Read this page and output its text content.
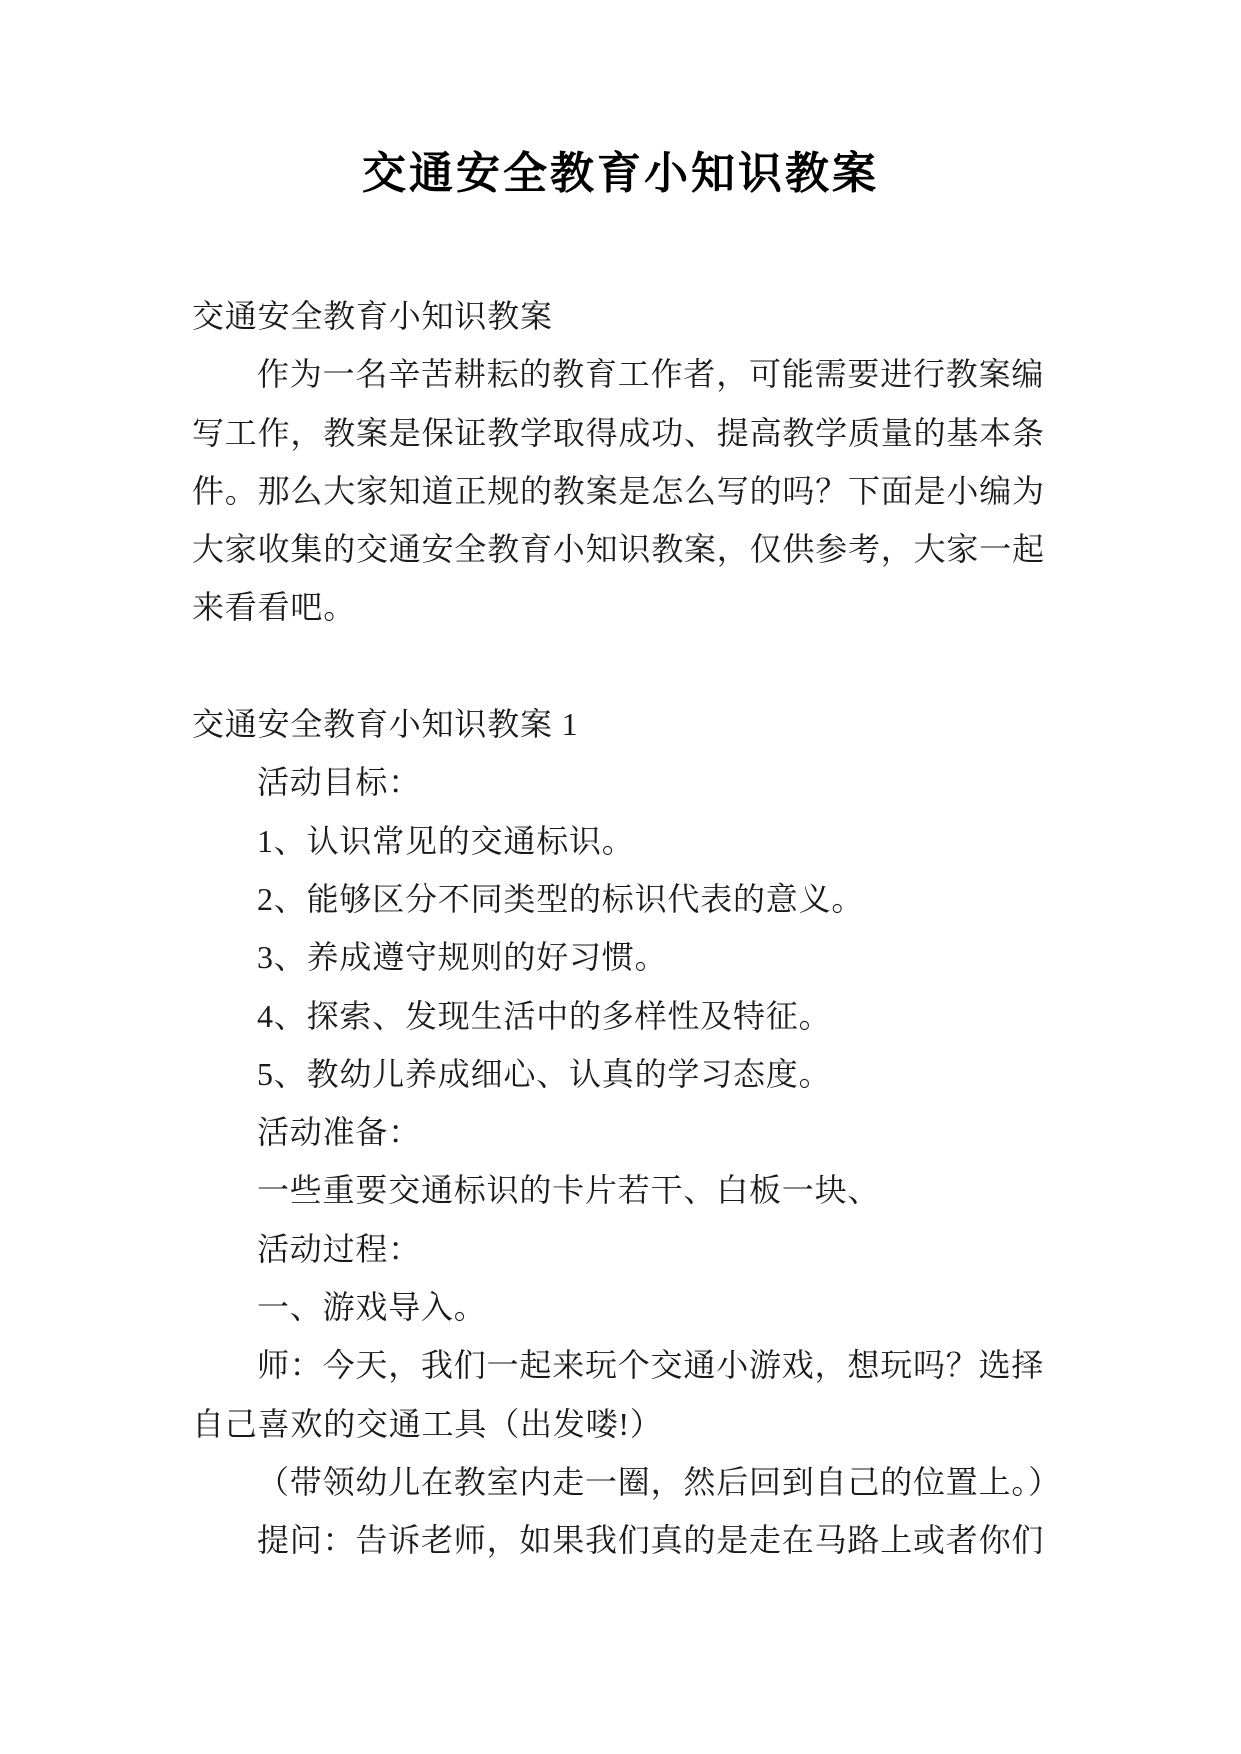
交通安全教育小知识教案
交通安全教育小知识教案
作为一名辛苦耕耘的教育工作者，可能需要进行教案编
写工作，教案是保证教学取得成功、提高教学质量的基本条
件。那么大家知道正规的教案是怎么写的吗？下面是小编为
大家收集的交通安全教育小知识教案，仅供参考，大家一起
来看看吧。
交通安全教育小知识教案 1
活动目标：
1、认识常见的交通标识。
2、能够区分不同类型的标识代表的意义。
3、养成遵守规则的好习惯。
4、探索、发现生活中的多样性及特征。
5、教幼儿养成细心、认真的学习态度。
活动准备：
一些重要交通标识的卡片若干、白板一块、
活动过程：
一、游戏导入。
师：今天，我们一起来玩个交通小游戏，想玩吗？选择
自己喜欢的交通工具（出发喽!）
（带领幼儿在教室内走一圈，然后回到自己的位置上。）
提问：告诉老师，如果我们真的是走在马路上或者你们
